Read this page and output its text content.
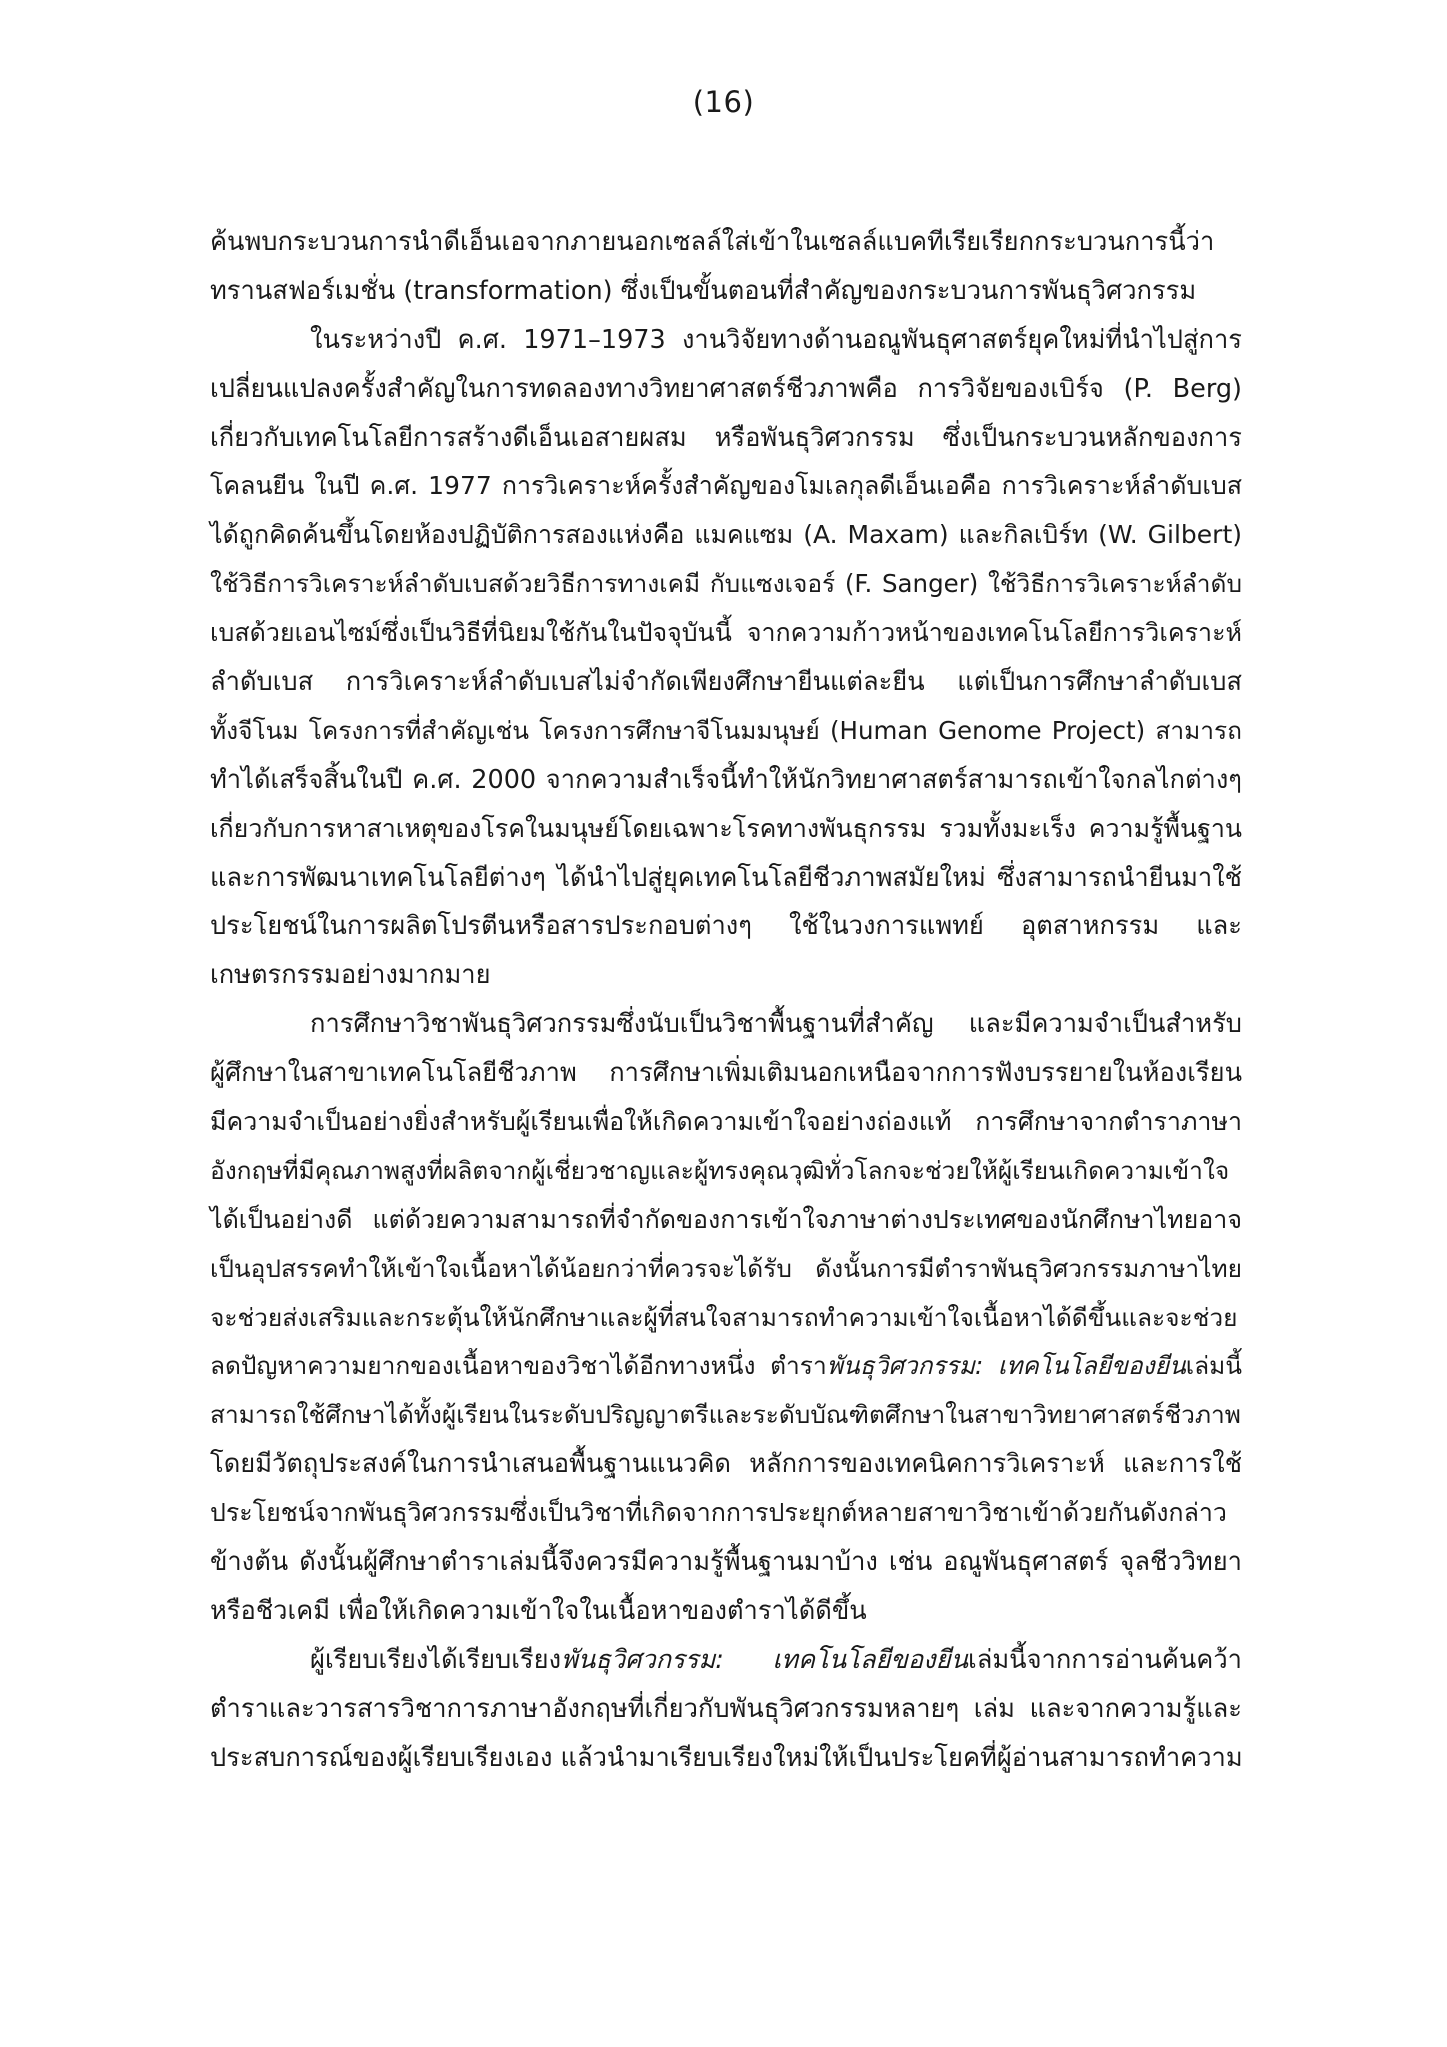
(16)
ค้นพบกระบวนการนำดีเอ็นเอจากภายนอกเซลล์ใส่เข้าในเซลล์แบคทีเรียเรียกกระบวนการนี้ว่า
ทรานสฟอร์เมชั่น (transformation) ซึ่งเป็นขั้นตอนที่สำคัญของกระบวนการพันธุวิศวกรรม
ในระหว่างปี ค.ศ. 1971–1973 งานวิจัยทางด้านอณูพันธุศาสตร์ยุคใหม่ที่นำไปสู่การ
เปลี่ยนแปลงครั้งสำคัญในการทดลองทางวิทยาศาสตร์ชีวภาพคือ การวิจัยของเบิร์จ (P. Berg)
เกี่ยวกับเทคโนโลยีการสร้างดีเอ็นเอสายผสม หรือพันธุวิศวกรรม ซึ่งเป็นกระบวนหลักของการ
โคลนยีน ในปี ค.ศ. 1977 การวิเคราะห์ครั้งสำคัญของโมเลกุลดีเอ็นเอคือ การวิเคราะห์ลำดับเบส
ได้ถูกคิดค้นขึ้นโดยห้องปฏิบัติการสองแห่งคือ แมคแซม (A. Maxam) และกิลเบิร์ท (W. Gilbert)
ใช้วิธีการวิเคราะห์ลำดับเบสด้วยวิธีการทางเคมี กับแซงเจอร์ (F. Sanger) ใช้วิธีการวิเคราะห์ลำดับ
เบสด้วยเอนไซม์ซึ่งเป็นวิธีที่นิยมใช้กันในปัจจุบันนี้ จากความก้าวหน้าของเทคโนโลยีการวิเคราะห์
ลำดับเบส การวิเคราะห์ลำดับเบสไม่จำกัดเพียงศึกษายีนแต่ละยีน แต่เป็นการศึกษาลำดับเบส
ทั้งจีโนม โครงการที่สำคัญเช่น โครงการศึกษาจีโนมมนุษย์ (Human Genome Project) สามารถ
ทำได้เสร็จสิ้นในปี ค.ศ. 2000 จากความสำเร็จนี้ทำให้นักวิทยาศาสตร์สามารถเข้าใจกลไกต่างๆ
เกี่ยวกับการหาสาเหตุของโรคในมนุษย์โดยเฉพาะโรคทางพันธุกรรม รวมทั้งมะเร็ง ความรู้พื้นฐาน
และการพัฒนาเทคโนโลยีต่างๆ ได้นำไปสู่ยุคเทคโนโลยีชีวภาพสมัยใหม่ ซึ่งสามารถนำยีนมาใช้
ประโยชน์ในการผลิตโปรตีนหรือสารประกอบต่างๆ ใช้ในวงการแพทย์ อุตสาหกรรม และ
เกษตรกรรมอย่างมากมาย
การศึกษาวิชาพันธุวิศวกรรมซึ่งนับเป็นวิชาพื้นฐานที่สำคัญ และมีความจำเป็นสำหรับ
ผู้ศึกษาในสาขาเทคโนโลยีชีวภาพ การศึกษาเพิ่มเติมนอกเหนือจากการฟังบรรยายในห้องเรียน
มีความจำเป็นอย่างยิ่งสำหรับผู้เรียนเพื่อให้เกิดความเข้าใจอย่างถ่องแท้ การศึกษาจากตำราภาษา
อังกฤษที่มีคุณภาพสูงที่ผลิตจากผู้เชี่ยวชาญและผู้ทรงคุณวุฒิทั่วโลกจะช่วยให้ผู้เรียนเกิดความเข้าใจ
ได้เป็นอย่างดี แต่ด้วยความสามารถที่จำกัดของการเข้าใจภาษาต่างประเทศของนักศึกษาไทยอาจ
เป็นอุปสรรคทำให้เข้าใจเนื้อหาได้น้อยกว่าที่ควรจะได้รับ ดังนั้นการมีตำราพันธุวิศวกรรมภาษาไทย
จะช่วยส่งเสริมและกระตุ้นให้นักศึกษาและผู้ที่สนใจสามารถทำความเข้าใจเนื้อหาได้ดีขึ้นและจะช่วย
ลดปัญหาความยากของเนื้อหาของวิชาได้อีกทางหนึ่ง ตำราพันธุวิศวกรรม: เทคโนโลยีของยีนเล่มนี้
สามารถใช้ศึกษาได้ทั้งผู้เรียนในระดับปริญญาตรีและระดับบัณฑิตศึกษาในสาขาวิทยาศาสตร์ชีวภาพ
โดยมีวัตถุประสงค์ในการนำเสนอพื้นฐานแนวคิด หลักการของเทคนิคการวิเคราะห์ และการใช้
ประโยชน์จากพันธุวิศวกรรมซึ่งเป็นวิชาที่เกิดจากการประยุกต์หลายสาขาวิชาเข้าด้วยกันดังกล่าว
ข้างต้น ดังนั้นผู้ศึกษาตำราเล่มนี้จึงควรมีความรู้พื้นฐานมาบ้าง เช่น อณูพันธุศาสตร์ จุลชีววิทยา
หรือชีวเคมี เพื่อให้เกิดความเข้าใจในเนื้อหาของตำราได้ดีขึ้น
ผู้เรียบเรียงได้เรียบเรียงพันธุวิศวกรรม: เทคโนโลยีของยีนเล่มนี้จากการอ่านค้นคว้า
ตำราและวารสารวิชาการภาษาอังกฤษที่เกี่ยวกับพันธุวิศวกรรมหลายๆ เล่ม และจากความรู้และ
ประสบการณ์ของผู้เรียบเรียงเอง แล้วนำมาเรียบเรียงใหม่ให้เป็นประโยคที่ผู้อ่านสามารถทำความ
